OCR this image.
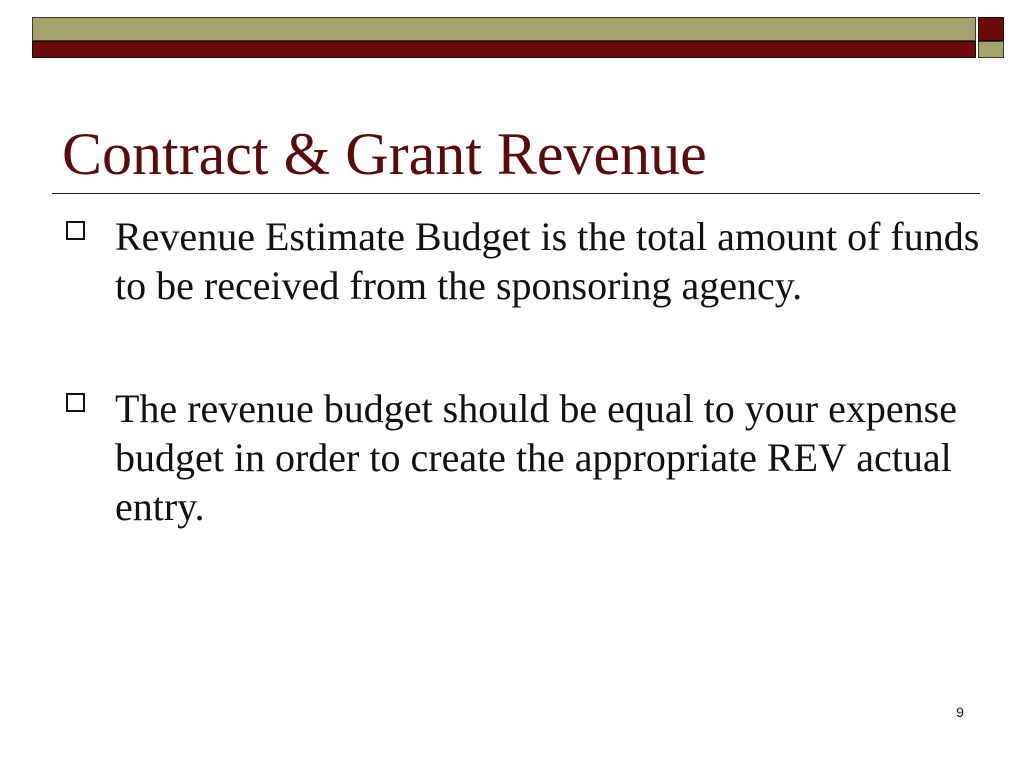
Contract & Grant Revenue
Revenue Estimate Budget is the total amount of funds to be received from the sponsoring agency.
The revenue budget should be equal to your expense budget in order to create the appropriate REV actual entry.
9
